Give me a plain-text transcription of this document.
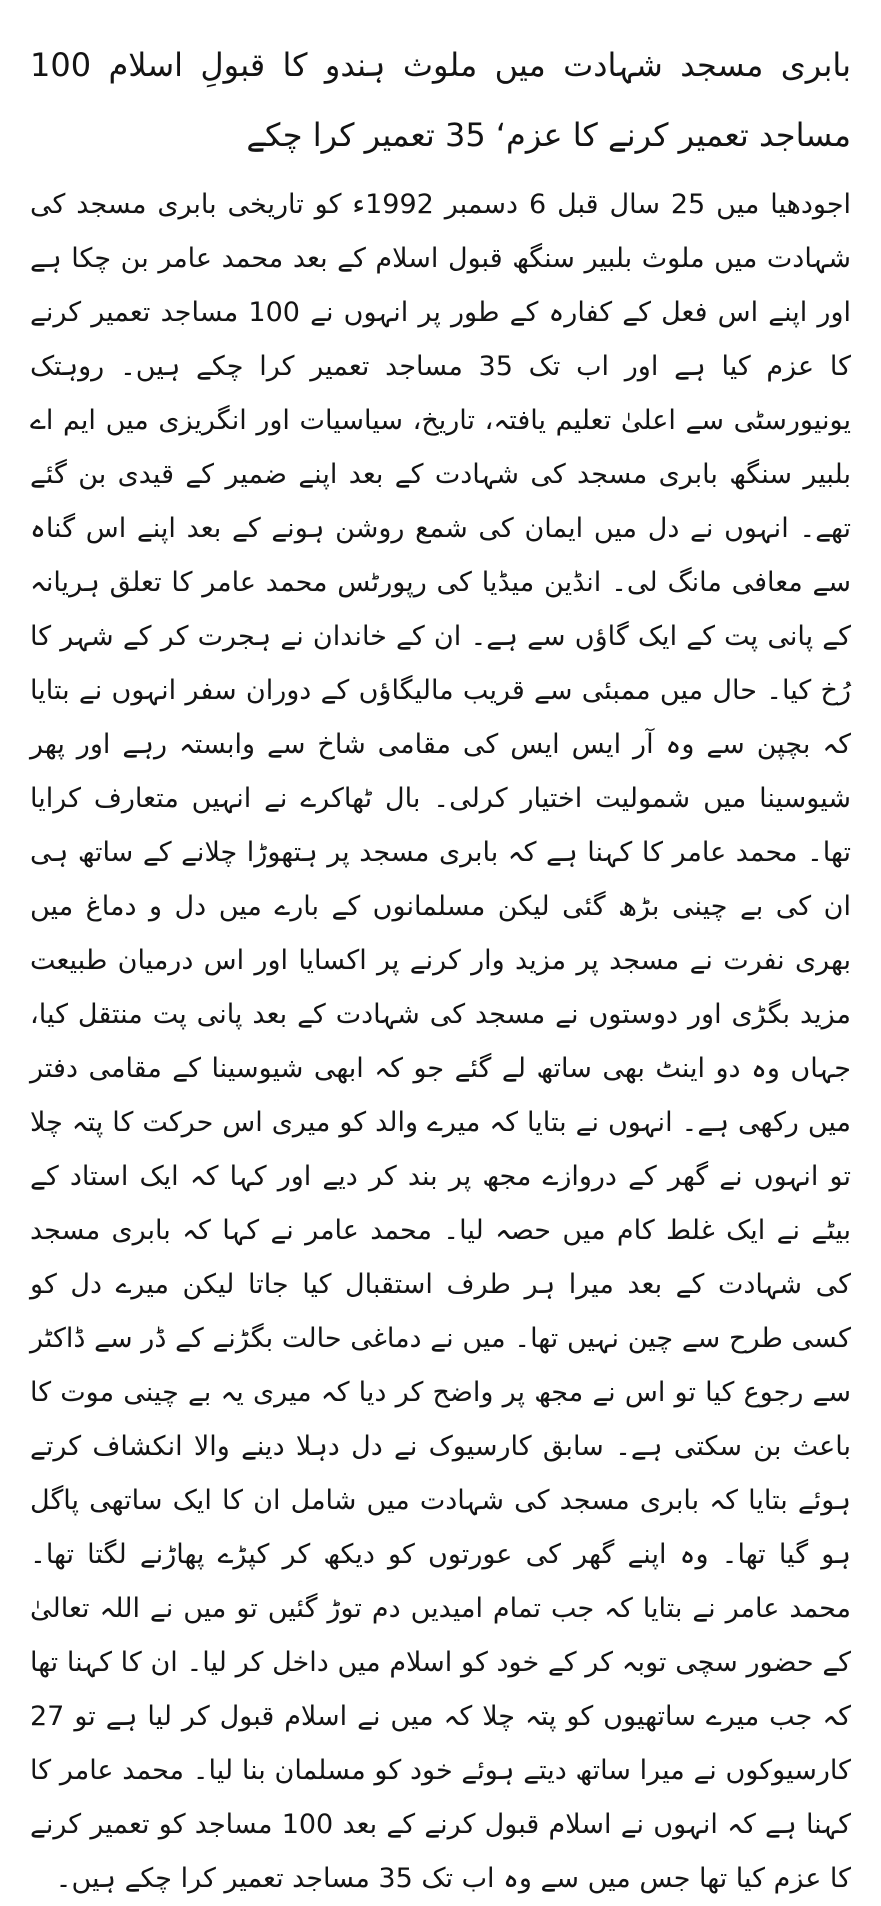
بابری مسجد شہادت میں ملوث ہندو کا قبولِ اسلام 100 مساجد تعمیر کرنے کا عزم‘ 35 تعمیر کرا چکے

اجودھیا میں 25 سال قبل 6 دسمبر 1992ء کو تاریخی بابری مسجد کی شہادت میں ملوث بلبیر سنگھ قبول اسلام کے بعد محمد عامر بن چکا ہے اور اپنے اس فعل کے کفارہ کے طور پر انہوں نے 100 مساجد تعمیر کرنے کا عزم کیا ہے اور اب تک 35 مساجد تعمیر کرا چکے ہیں۔ روہتک یونیورسٹی سے اعلیٰ تعلیم یافتہ، تاریخ، سیاسیات اور انگریزی میں ایم اے بلبیر سنگھ بابری مسجد کی شہادت کے بعد اپنے ضمیر کے قیدی بن گئے تھے۔ انہوں نے دل میں ایمان کی شمع روشن ہونے کے بعد اپنے اس گناہ سے معافی مانگ لی۔ انڈین میڈیا کی رپورٹس محمد عامر کا تعلق ہریانہ کے پانی پت کے ایک گاؤں سے ہے۔ ان کے خاندان نے ہجرت کر کے شہر کا رُخ کیا۔ حال میں ممبئی سے قریب مالیگاؤں کے دوران سفر انہوں نے بتایا کہ بچپن سے وہ آر ایس ایس کی مقامی شاخ سے وابستہ رہے اور پھر شیوسینا میں شمولیت اختیار کرلی۔ بال ٹھاکرے نے انہیں متعارف کرایا تھا۔ محمد عامر کا کہنا ہے کہ بابری مسجد پر ہتھوڑا چلانے کے ساتھ ہی ان کی بے چینی بڑھ گئی لیکن مسلمانوں کے بارے میں دل و دماغ میں بھری نفرت نے مسجد پر مزید وار کرنے پر اکسایا اور اس درمیان طبیعت مزید بگڑی اور دوستوں نے مسجد کی شہادت کے بعد پانی پت منتقل کیا، جہاں وہ دو اینٹ بھی ساتھ لے گئے جو کہ ابھی شیوسینا کے مقامی دفتر میں رکھی ہے۔ انہوں نے بتایا کہ میرے والد کو میری اس حرکت کا پتہ چلا تو انہوں نے گھر کے دروازے مجھ پر بند کر دیے اور کہا کہ ایک استاد کے بیٹے نے ایک غلط کام میں حصہ لیا۔ محمد عامر نے کہا کہ بابری مسجد کی شہادت کے بعد میرا ہر طرف استقبال کیا جاتا لیکن میرے دل کو کسی طرح سے چین نہیں تھا۔ میں نے دماغی حالت بگڑنے کے ڈر سے ڈاکٹر سے رجوع کیا تو اس نے مجھ پر واضح کر دیا کہ میری یہ بے چینی موت کا باعث بن سکتی ہے۔ سابق کارسیوک نے دل دہلا دینے والا انکشاف کرتے ہوئے بتایا کہ بابری مسجد کی شہادت میں شامل ان کا ایک ساتھی پاگل ہو گیا تھا۔ وہ اپنے گھر کی عورتوں کو دیکھ کر کپڑے پھاڑنے لگتا تھا۔ محمد عامر نے بتایا کہ جب تمام امیدیں دم توڑ گئیں تو میں نے اللہ تعالیٰ کے حضور سچی توبہ کر کے خود کو اسلام میں داخل کر لیا۔ ان کا کہنا تھا کہ جب میرے ساتھیوں کو پتہ چلا کہ میں نے اسلام قبول کر لیا ہے تو 27 کارسیوکوں نے میرا ساتھ دیتے ہوئے خود کو مسلمان بنا لیا۔ محمد عامر کا کہنا ہے کہ انہوں نے اسلام قبول کرنے کے بعد 100 مساجد کو تعمیر کرنے کا عزم کیا تھا جس میں سے وہ اب تک 35 مساجد تعمیر کرا چکے ہیں۔
